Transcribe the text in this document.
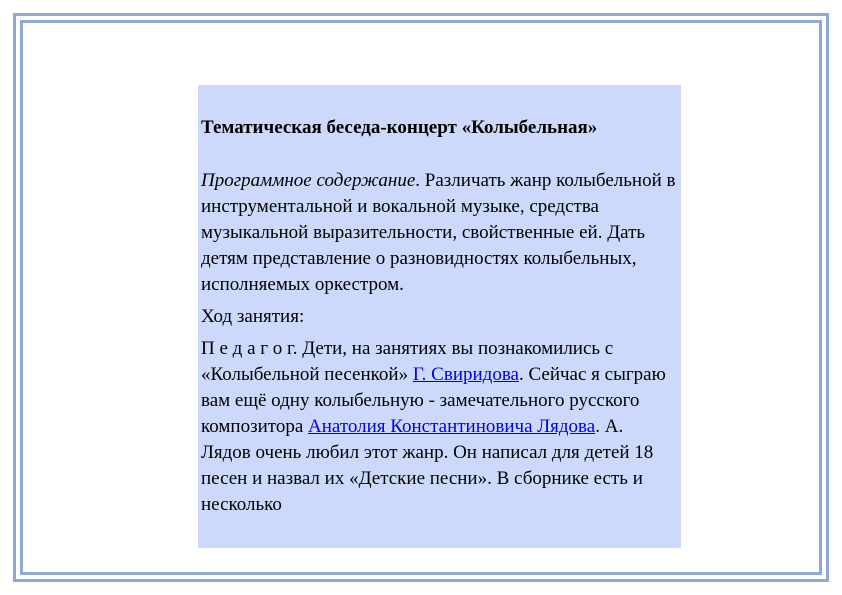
Тематическая беседа-концерт «Колыбельная»

Программное содержание. Различать жанр колыбельной в инструментальной и вокальной музыке, средства музыкальной выразительности, свойственные ей. Дать детям представление о разновидностях колыбельных, исполняемых оркестром.

Ход занятия:

П е д а г о г. Дети, на занятиях вы познакомились с «Колыбельной песенкой» Г. Свиридова. Сейчас я сыграю вам ещё одну колыбельную - замечательного русского композитора Анатолия Константиновича Лядова. А. Лядов очень любил этот жанр. Он написал для детей 18 песен и назвал их «Детские песни». В сборнике есть и несколько
